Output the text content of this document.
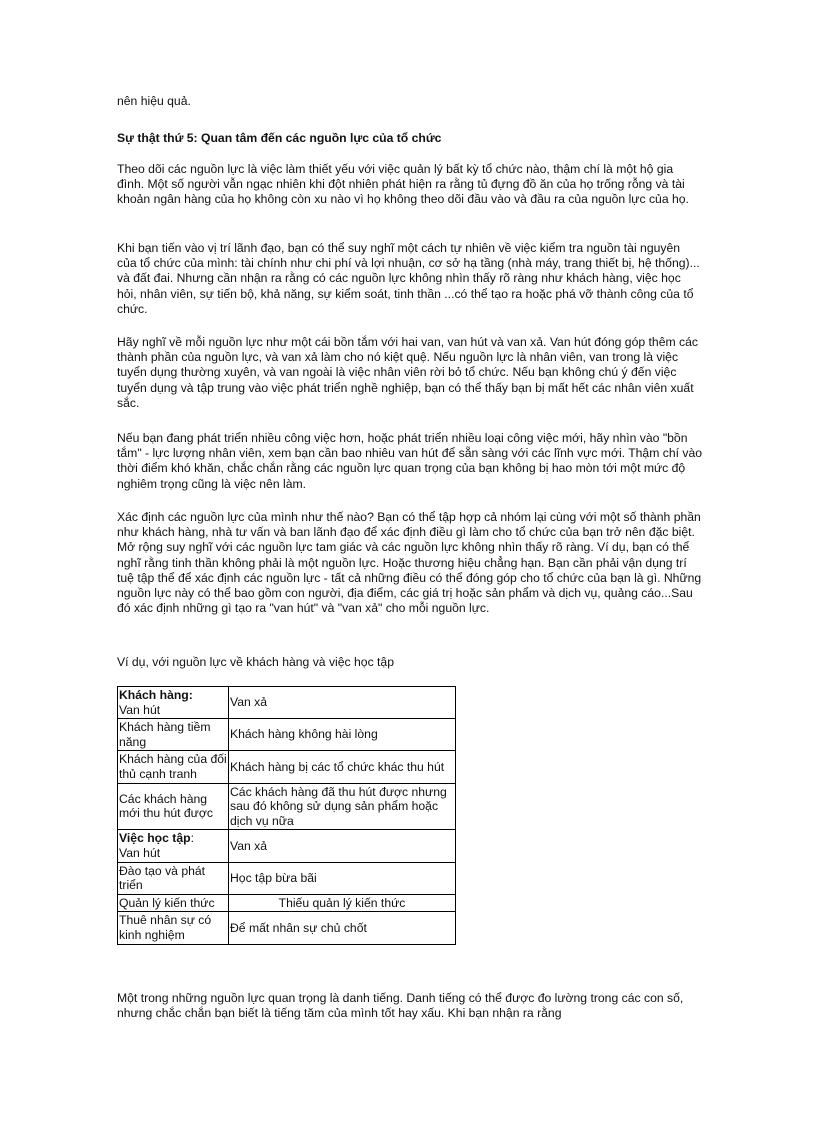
nên hiệu quả.

Sự thật thứ 5: Quan tâm đến các nguồn lực của tổ chức

Theo dõi các nguồn lực là việc làm thiết yếu với việc quản lý bất kỳ tổ chức nào, thậm chí là một hộ gia đình. Một số người vẫn ngạc nhiên khi đột nhiên phát hiện ra rằng tủ đựng đồ ăn của họ trống rỗng và tài khoản ngân hàng của họ không còn xu nào vì họ không theo dõi đầu vào và đầu ra của nguồn lực của họ.

Khi bạn tiến vào vị trí lãnh đạo, bạn có thể suy nghĩ một cách tự nhiên về việc kiểm tra nguồn tài nguyên của tổ chức của mình: tài chính như chi phí và lợi nhuận, cơ sở hạ tầng (nhà máy, trang thiết bị, hệ thống)... và đất đai. Nhưng cần nhận ra rằng có các nguồn lực không nhìn thấy rõ ràng như khách hàng, việc học hỏi, nhân viên, sự tiến bộ, khả năng, sự kiểm soát, tinh thần ...có thể tạo ra hoặc phá vỡ thành công của tổ chức.

Hãy nghĩ về mỗi nguồn lực như một cái bồn tắm với hai van, van hút và van xả. Van hút đóng góp thêm các thành phần của nguồn lực, và van xả làm cho nó kiệt quệ. Nếu nguồn lực là nhân viên, van trong là việc tuyển dụng thường xuyên, và van ngoài là việc nhân viên rời bỏ tổ chức. Nếu bạn không chú ý đến việc tuyển dụng và tập trung vào việc phát triển nghề nghiệp, bạn có thể thấy bạn bị mất hết các nhân viên xuất sắc.

Nếu bạn đang phát triển nhiều công việc hơn, hoặc phát triển nhiều loại công việc mới, hãy nhìn vào "bồn tắm" - lực lượng nhân viên, xem bạn cần bao nhiêu van hút để sẵn sàng với các lĩnh vực mới. Thậm chí vào thời điểm khó khăn, chắc chắn rằng các nguồn lực quan trọng của bạn không bị hao mòn tới một mức độ nghiêm trọng cũng là việc nên làm.

Xác định các nguồn lực của mình như thế nào? Bạn có thể tập hợp cả nhóm lại cùng với một số thành phần như khách hàng, nhà tư vấn và ban lãnh đạo để xác định điều gì làm cho tổ chức của bạn trở nên đặc biệt. Mở rộng suy nghĩ với các nguồn lực tam giác và các nguồn lực không nhìn thấy rõ ràng. Ví dụ, bạn có thể nghĩ rằng tinh thần không phải là một nguồn lực. Hoặc thương hiệu chẳng hạn. Bạn cần phải vận dụng trí tuệ tập thể để xác định các nguồn lực - tất cả những điều có thể đóng góp cho tổ chức của bạn là gì. Những nguồn lực này có thể bao gồm con người, địa điểm, các giá trị hoặc sản phẩm và dịch vụ, quảng cáo...Sau đó xác định những gì tạo ra "van hút" và "van xả" cho mỗi nguồn lực.

Ví dụ, với nguồn lực về khách hàng và việc học tập

Khách hàng:
Van hút	Van xả
Khách hàng tiềm năng	Khách hàng không hài lòng
Khách hàng của đối thủ cạnh tranh	Khách hàng bị các tổ chức khác thu hút
Các khách hàng mới thu hút được	Các khách hàng đã thu hút được nhưng sau đó không sử dụng sản phẩm hoặc dịch vụ nữa
Việc học tập:
Van hút	Van xả
Đào tạo và phát triển	Học tập bừa bãi
Quản lý kiến thức	Thiếu quản lý kiến thức
Thuê nhân sự có kinh nghiệm	Để mất nhân sự chủ chốt

Một trong những nguồn lực quan trọng là danh tiếng. Danh tiếng có thể được đo lường trong các con số, nhưng chắc chắn bạn biết là tiếng tăm của mình tốt hay xấu. Khi bạn nhận ra rằng
